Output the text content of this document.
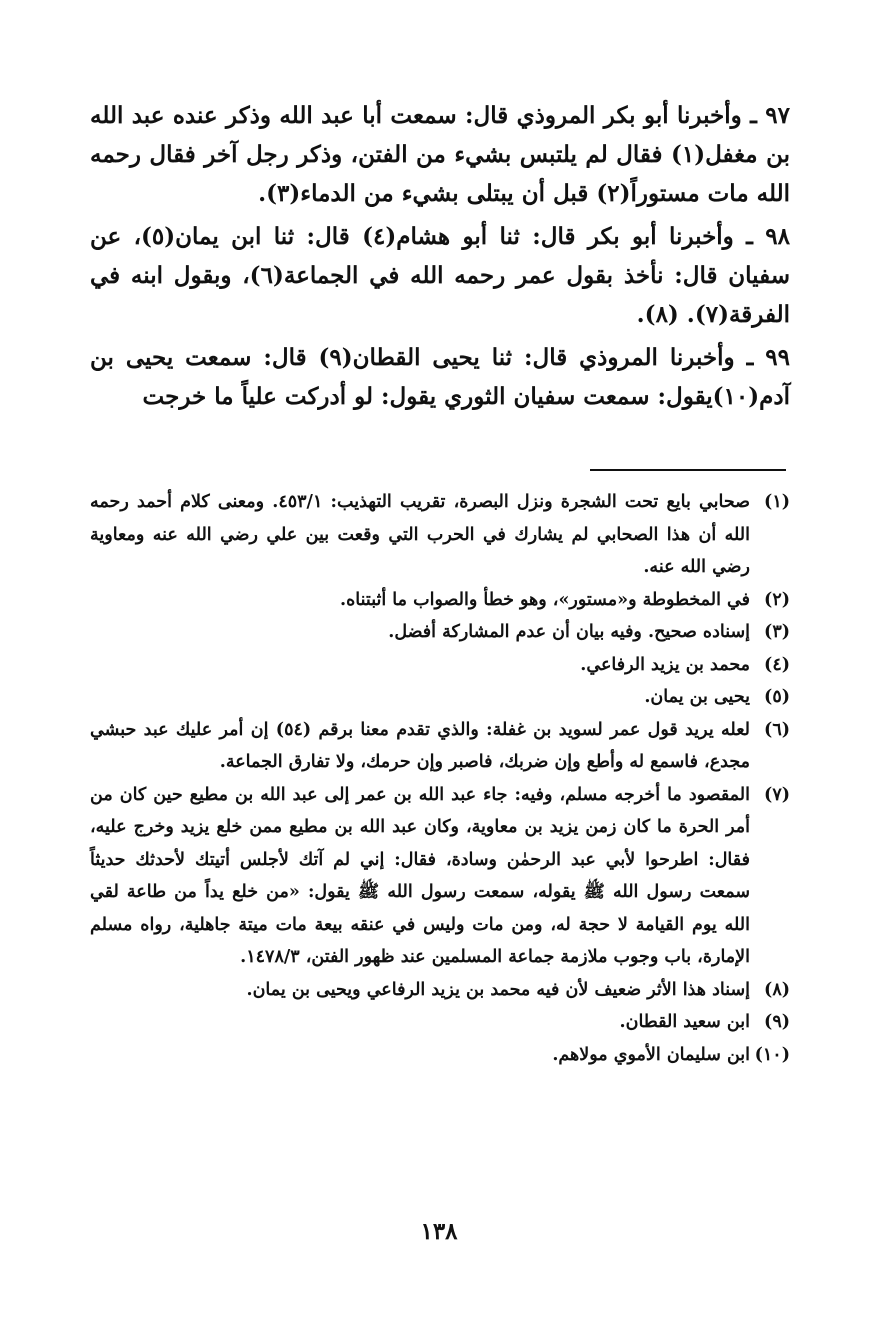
٩٧ ـ وأخبرنا أبو بكر المروذي قال: سمعت أبا عبد الله وذكر عنده عبد الله بن مغفل(١) فقال لم يلتبس بشيء من الفتن، وذكر رجل آخر فقال رحمه الله مات مستوراً(٢) قبل أن يبتلى بشيء من الدماء(٣).

٩٨ ـ وأخبرنا أبو بكر قال: ثنا أبو هشام(٤) قال: ثنا ابن يمان(٥)، عن سفيان قال: نأخذ بقول عمر رحمه الله في الجماعة(٦)، وبقول ابنه في الفرقة(٧). (٨).

٩٩ ـ وأخبرنا المروذي قال: ثنا يحيى القطان(٩) قال: سمعت يحيى بن آدم(١٠)يقول: سمعت سفيان الثوري يقول: لو أدركت علياً ما خرجت

(١)
صحابي بايع تحت الشجرة ونزل البصرة، تقريب التهذيب: ٤٥٣/١. ومعنى كلام أحمد رحمه الله أن هذا الصحابي لم يشارك في الحرب التي وقعت بين علي رضي الله عنه ومعاوية رضي الله عنه.

(٢)
في المخطوطة و«مستور»، وهو خطأ والصواب ما أثبتناه.

(٣)
إسناده صحيح. وفيه بيان أن عدم المشاركة أفضل.

(٤)
محمد بن يزيد الرفاعي.

(٥)
يحيى بن يمان.

(٦)
لعله يريد قول عمر لسويد بن غفلة: والذي تقدم معنا برقم (٥٤) إن أمر عليك عبد حبشي مجدع، فاسمع له وأطع وإن ضربك، فاصبر وإن حرمك، ولا تفارق الجماعة.

(٧)
المقصود ما أخرجه مسلم، وفيه: جاء عبد الله بن عمر إلى عبد الله بن مطيع حين كان من أمر الحرة ما كان زمن يزيد بن معاوية، وكان عبد الله بن مطيع ممن خلع يزيد وخرج عليه، فقال: اطرحوا لأبي عبد الرحمٰن وسادة، فقال: إني لم آتك لأجلس أتيتك لأحدثك حديثاً سمعت رسول الله ﷺ يقوله، سمعت رسول الله ﷺ يقول: «من خلع يداً من طاعة لقي الله يوم القيامة لا حجة له، ومن مات وليس في عنقه بيعة مات ميتة جاهلية، رواه مسلم الإمارة، باب وجوب ملازمة جماعة المسلمين عند ظهور الفتن، ١٤٧٨/٣.

(٨)
إسناد هذا الأثر ضعيف لأن فيه محمد بن يزيد الرفاعي ويحيى بن يمان.

(٩)
ابن سعيد القطان.

(١٠)
ابن سليمان الأموي مولاهم.

١٣٨
